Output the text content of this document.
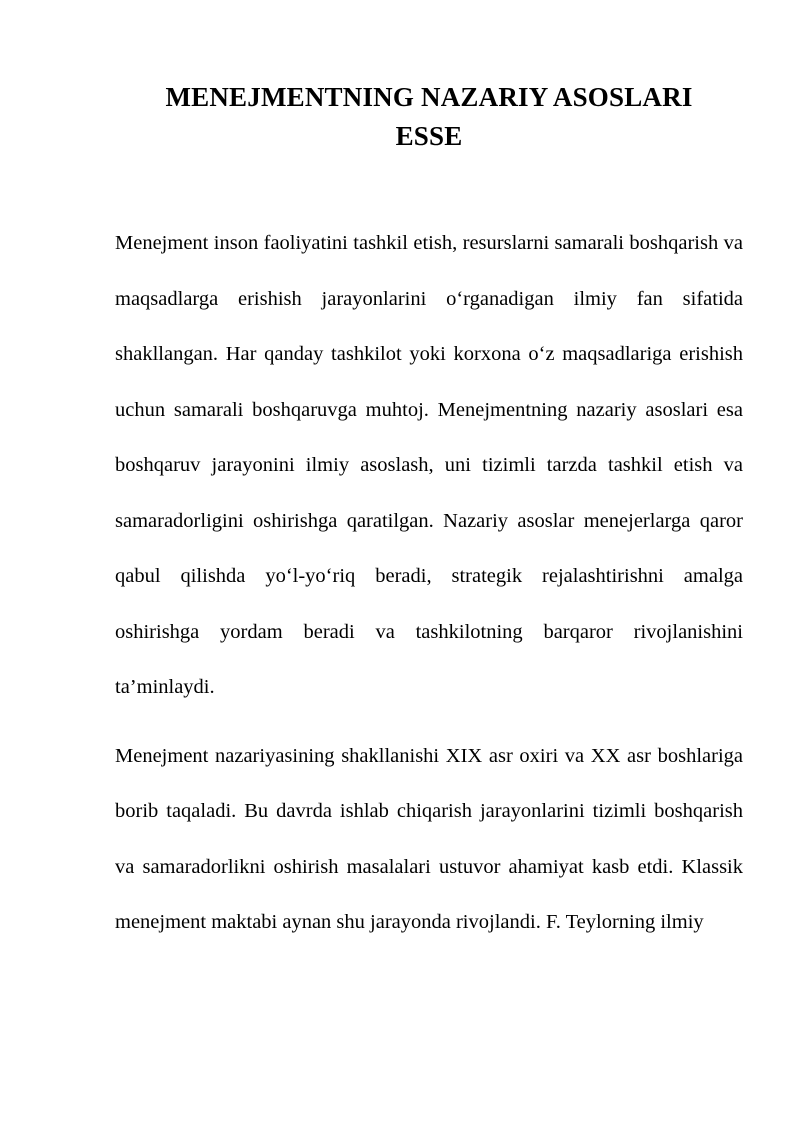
MENEJMENTNING NAZARIY ASOSLARI
ESSE

Menejment inson faoliyatini tashkil etish, resurslarni samarali boshqarish va maqsadlarga erishish jarayonlarini o‘rganadigan ilmiy fan sifatida shakllangan. Har qanday tashkilot yoki korxona o‘z maqsadlariga erishish uchun samarali boshqaruvga muhtoj. Menejmentning nazariy asoslari esa boshqaruv jarayonini ilmiy asoslash, uni tizimli tarzda tashkil etish va samaradorligini oshirishga qaratilgan. Nazariy asoslar menejerlarga qaror qabul qilishda yo‘l-yo‘riq beradi, strategik rejalashtirishni amalga oshirishga yordam beradi va tashkilotning barqaror rivojlanishini ta’minlaydi.

Menejment nazariyasining shakllanishi XIX asr oxiri va XX asr boshlariga borib taqaladi. Bu davrda ishlab chiqarish jarayonlarini tizimli boshqarish va samaradorlikni oshirish masalalari ustuvor ahamiyat kasb etdi. Klassik menejment maktabi aynan shu jarayonda rivojlandi. F. Teylorning ilmiy
